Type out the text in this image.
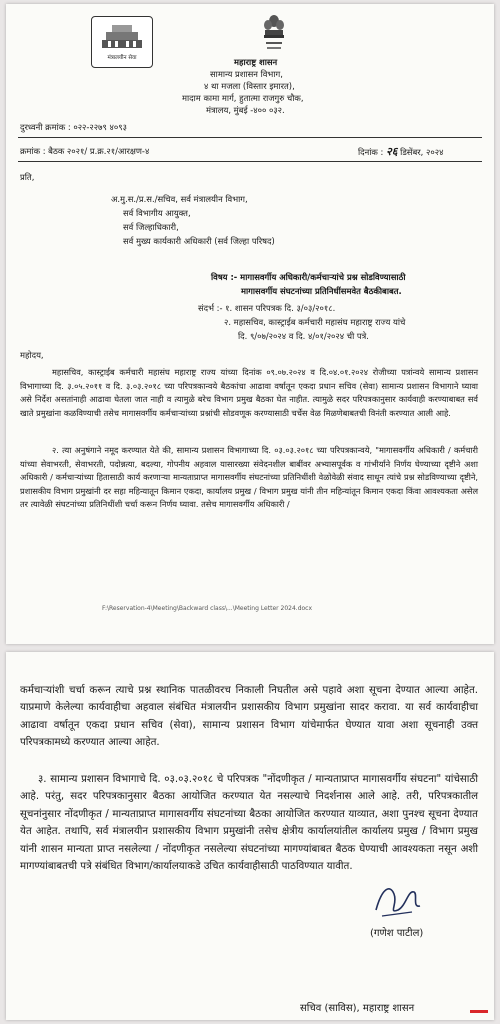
मंत्रालयीन सेवा	महाराष्ट्र शासन
सामान्य प्रशासन विभाग,
४ था मजला (विस्तार इमारत),
मादाम कामा मार्ग, हुतात्मा राजगुरु चौक,
मंत्रालय, मुंबई -४०० ०३२.
दुरध्वनी क्रमांक : ०२२-२२७९ ४०९३
क्रमांक : बैठक २०२१/ प्र.क्र.२१/आरक्षण-४	दिनांक : २६ डिसेंबर, २०२४
प्रति,
अ.मु.स./प्र.स./सचिव, सर्व मंत्रालयीन विभाग,
सर्व विभागीय आयुक्त,
सर्व जिल्हाधिकारी,
सर्व मुख्य कार्यकारी अधिकारी (सर्व जिल्हा परिषद)
विषय :- मागासवर्गीय अधिकारी/कर्मचाऱ्यांचे प्रश्न सोडविण्यासाठी
मागासवर्गीय संघटनांच्या प्रतिनिधींसमवेत बैठकीबाबत.
संदर्भ :- १. शासन परिपत्रक दि. ३/०३/२०१८.
२. महासचिव, कास्ट्राईब कर्मचारी महासंघ महाराष्ट्र राज्य यांचे
दि. ९/०७/२०२४ व दि. ४/०१/२०२४ ची पत्रे.
महोदय,
महासचिव, कास्ट्राईब कर्मचारी महासंघ महाराष्ट्र राज्य यांच्या दिनांक ०९.०७.२०२४ व दि.०४.०१.२०२४ रोजीच्या पत्रांन्वये सामान्य प्रशासन विभागाच्या दि. ३.०५.२०११ व दि. ३.०३.२०१८ च्या परिपत्रकान्वये बैठकांचा आढावा वर्षातून एकदा प्रधान सचिव (सेवा) सामान्य प्रशासन विभागाने घ्यावा असे निर्देश असतांनाही आढावा घेतला जात नाही व त्यामुळे बरेच विभाग प्रमुख बैठका घेत नाहीत. त्यामुळे सदर परिपत्रकानुसार कार्यवाही करण्याबाबत सर्व खाते प्रमुखांना कळविण्याची तसेच मागासवर्गीय कर्मचाऱ्यांच्या प्रश्नांची सोडवणूक करण्यासाठी चर्चेस वेळ मिळणेबाबतची विनंती करण्यात आली आहे.
२. त्या अनुषंगाने नमूद करण्यात येते की, सामान्य प्रशासन विभागाच्या दि. ०३.०३.२०१८ च्या परिपत्रकान्वये, "मागासवर्गीय अधिकारी / कर्मचारी यांच्या सेवाभरती, सेवाभरती, पदोन्नत्या, बदल्या, गोपनीय अहवाल यासारख्या संवेदनशील बाबींवर अभ्यासपूर्वक व गांभीर्याने निर्णय घेण्याच्या दृष्टीने अशा अधिकारी / कर्मचाऱ्यांच्या हितासाठी कार्य करणाऱ्या मान्यताप्राप्त मागासवर्गीय संघटनांच्या प्रतिनिधींशी वेळोवेळी संवाद साधून त्यांचे प्रश्न सोडविण्याच्या दृष्टीने, प्रशासकीय विभाग प्रमुखांनी दर सहा महिन्यातून किमान एकदा, कार्यालय प्रमुख / विभाग प्रमुख यांनी तीन महिन्यांतून किमान एकदा किंवा आवश्यकता असेल तर त्यावेळी संघटनांच्या प्रतिनिधींशी चर्चा करून निर्णय घ्यावा. तसेच मागासवर्गीय अधिकारी /
F:\Reservation-4\Meeting\Backward class\...\Meeting Letter 2024.docx
कर्मचाऱ्यांशी चर्चा करून त्याचे प्रश्न स्थानिक पातळीवरच निकाली निघतील असे पहावे अशा सूचना देण्यात आल्या आहेत. याप्रमाणे केलेल्या कार्यवाहीचा अहवाल संबंधित मंत्रालयीन प्रशासकीय विभाग प्रमुखांना सादर करावा. या सर्व कार्यवाहीचा आढावा वर्षातून एकदा प्रधान सचिव (सेवा), सामान्य प्रशासन विभाग यांचेमार्फत घेण्यात यावा अशा सूचनाही उक्त परिपत्रकामध्ये करण्यात आल्या आहेत.
३. सामान्य प्रशासन विभागाचे दि. ०३.०३.२०१८ चे परिपत्रक "नोंदणीकृत / मान्यताप्राप्त मागासवर्गीय संघटना" यांचेसाठी आहे. परंतु, सदर परिपत्रकानुसार बैठका आयोजित करण्यात येत नसल्याचे निदर्शनास आले आहे. तरी, परिपत्रकातील सूचनांनुसार नोंदणीकृत / मान्यताप्राप्त मागासवर्गीय संघटनांच्या बैठका आयोजित करण्यात याव्यात, अशा पुनश्च सूचना देण्यात येत आहेत. तथापि, सर्व मंत्रालयीन प्रशासकीय विभाग प्रमुखांनी तसेच क्षेत्रीय कार्यालयांतील कार्यालय प्रमुख / विभाग प्रमुख यांनी शासन मान्यता प्राप्त नसलेल्या / नोंदणीकृत नसलेल्या संघटनांच्या मागण्यांबाबत बैठक घेण्याची आवश्यकता नसून अशी मागण्यांबाबतची पत्रे संबंधित विभाग/कार्यालयाकडे उचित कार्यवाहीसाठी पाठविण्यात यावीत.
(गणेश पाटील)
सचिव (साविस), महाराष्ट्र शासन
